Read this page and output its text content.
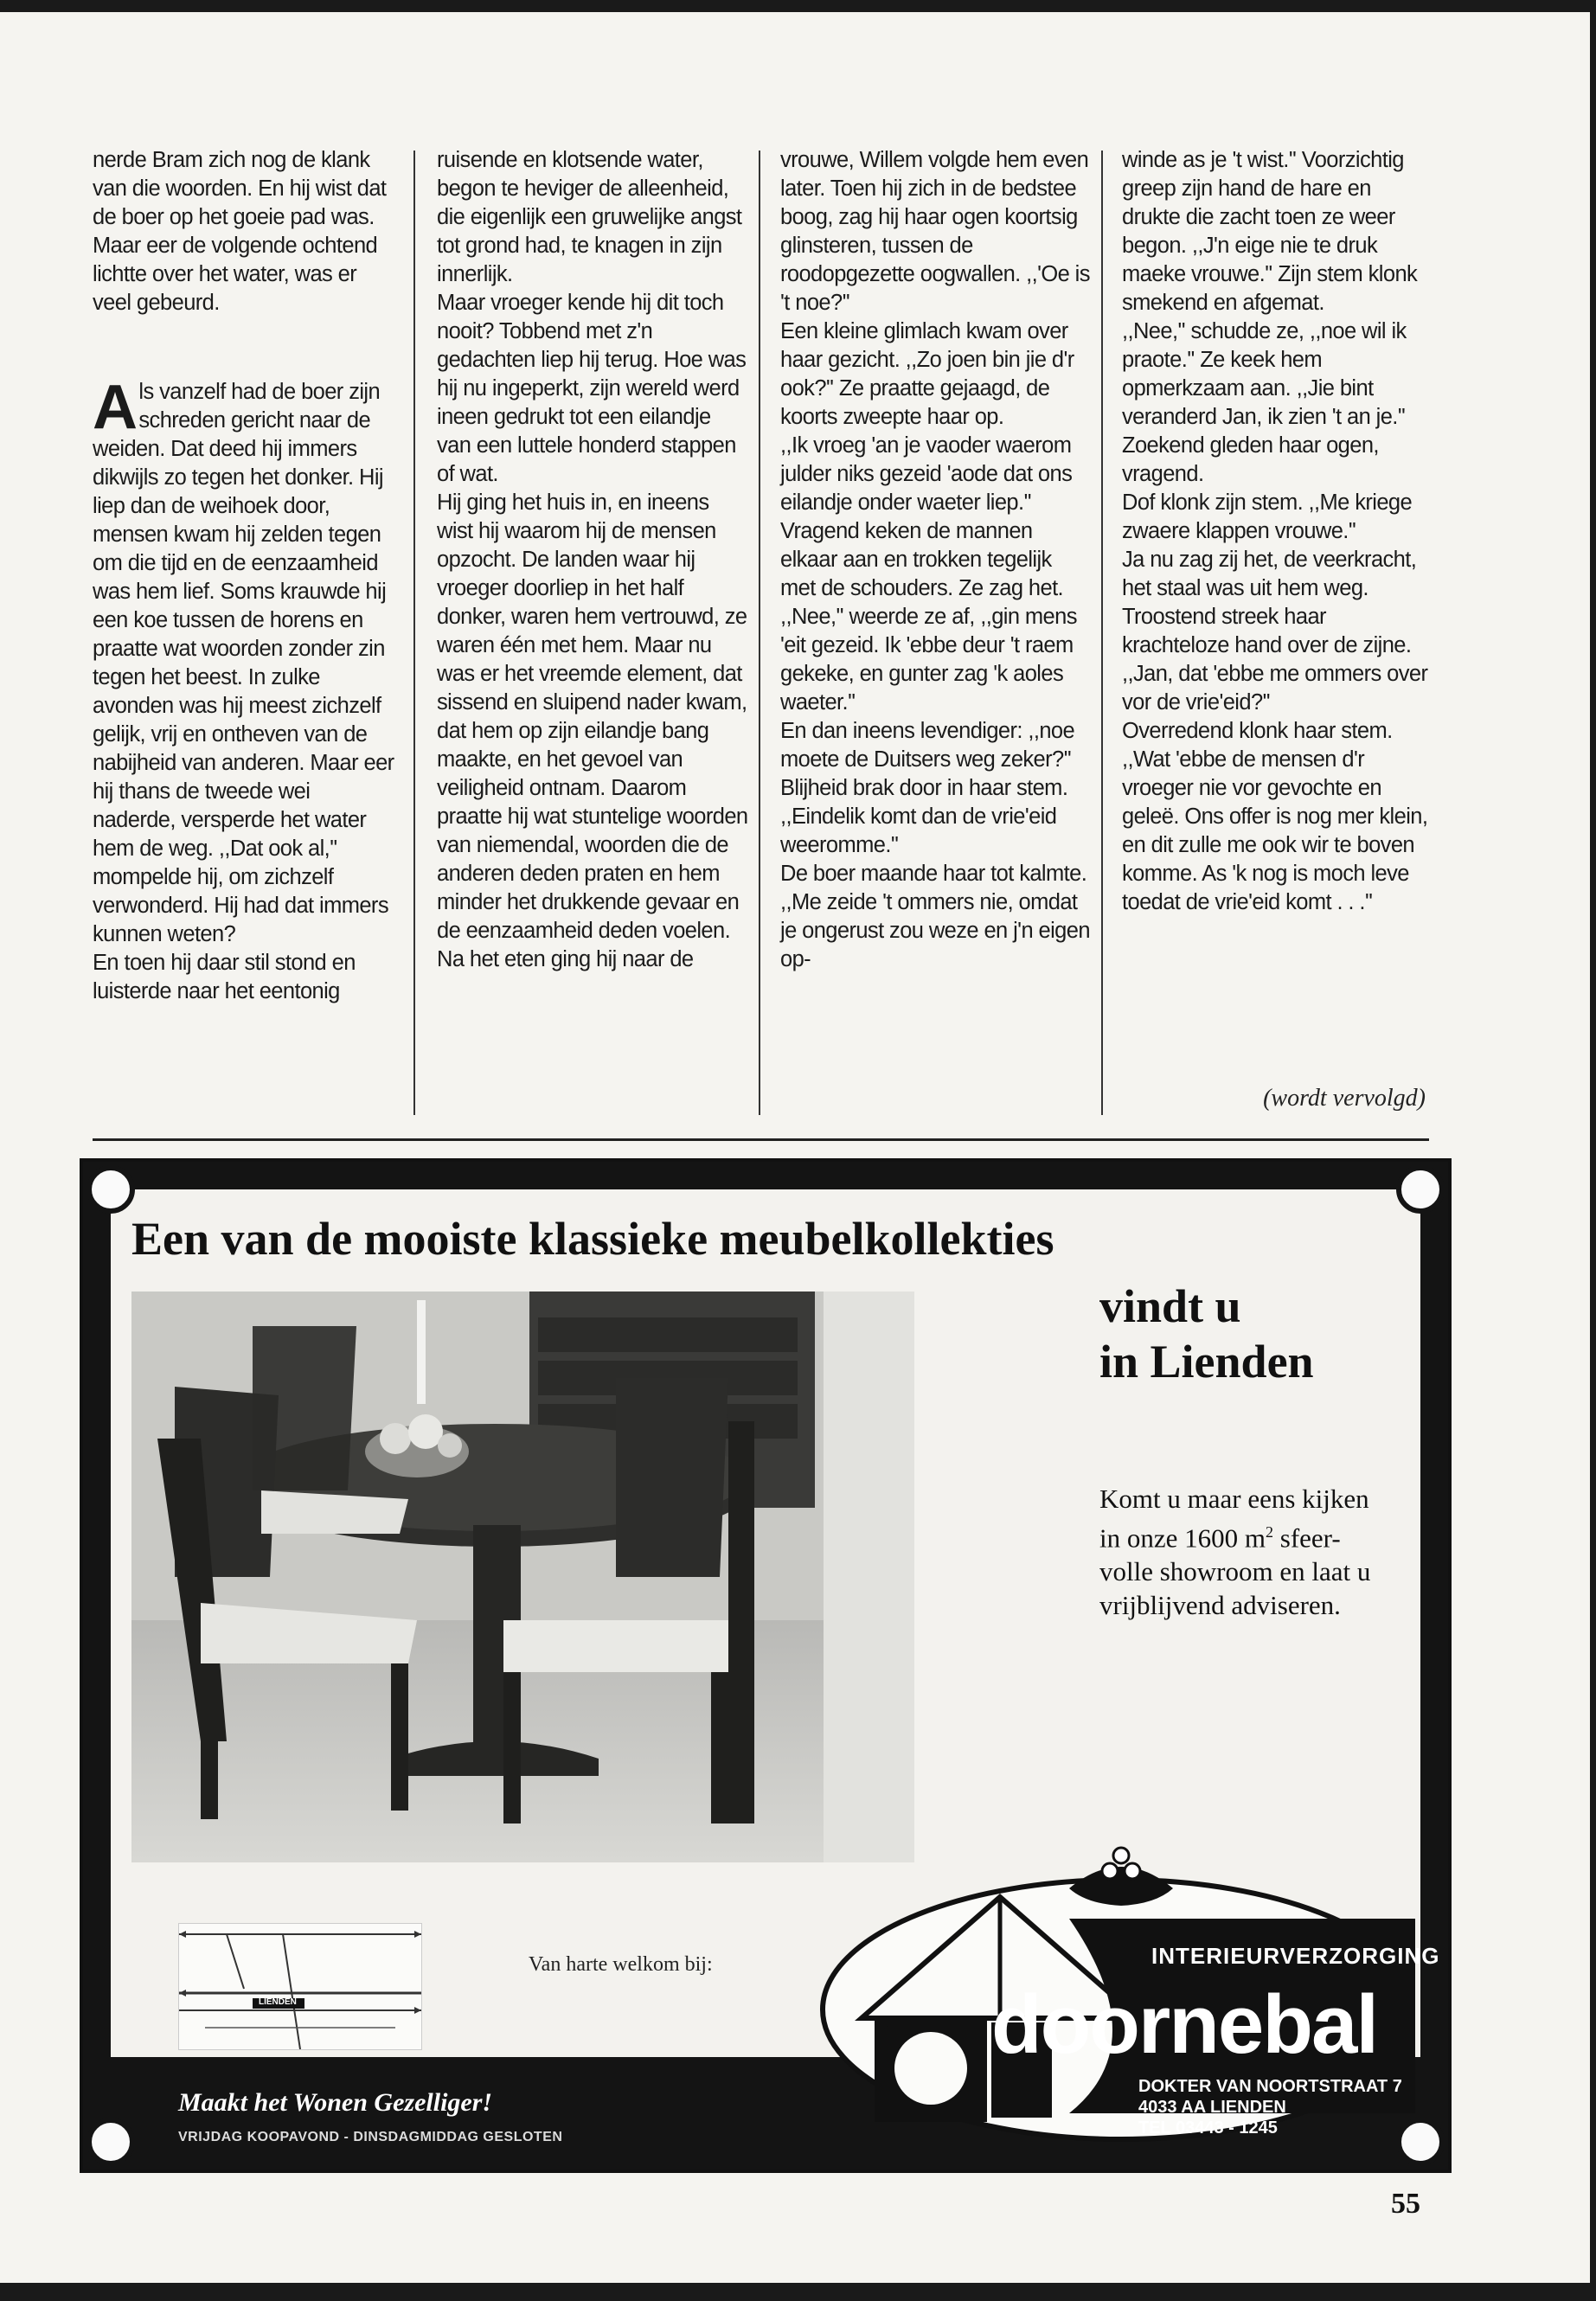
nerde Bram zich nog de klank van die woorden. En hij wist dat de boer op het goeie pad was.

Maar eer de volgende ochtend lichtte over het water, was er veel gebeurd.

Als vanzelf had de boer zijn schreden gericht naar de weiden. Dat deed hij immers dikwijls zo tegen het donker. Hij liep dan de weihoek door, mensen kwam hij zelden tegen om die tijd en de eenzaamheid was hem lief. Soms krauwde hij een koe tussen de horens en praatte wat woorden zonder zin tegen het beest. In zulke avonden was hij meest zichzelf gelijk, vrij en ontheven van de nabijheid van anderen. Maar eer hij thans de tweede wei naderde, versperde het water hem de weg. ,,Dat ook al,'' mompelde hij, om zichzelf verwonderd. Hij had dat immers kunnen weten?

En toen hij daar stil stond en luisterde naar het eentonig

ruisende en klotsende water, begon te heviger de alleenheid, die eigenlijk een gruwelijke angst tot grond had, te knagen in zijn innerlijk.

Maar vroeger kende hij dit toch nooit? Tobbend met z'n gedachten liep hij terug. Hoe was hij nu ingeperkt, zijn wereld werd ineen gedrukt tot een eilandje van een luttele honderd stappen of wat.

Hij ging het huis in, en ineens wist hij waarom hij de mensen opzocht. De landen waar hij vroeger doorliep in het half donker, waren hem vertrouwd, ze waren één met hem. Maar nu was er het vreemde element, dat sissend en sluipend nader kwam, dat hem op zijn eilandje bang maakte, en het gevoel van veiligheid ontnam. Daarom praatte hij wat stuntelige woorden van niemendal, woorden die de anderen deden praten en hem minder het drukkende gevaar en de eenzaamheid deden voelen.

Na het eten ging hij naar de

vrouwe, Willem volgde hem even later. Toen hij zich in de bedstee boog, zag hij haar ogen koortsig glinsteren, tussen de roodopgezette oogwallen. ,,'Oe is 't noe?''

Een kleine glimlach kwam over haar gezicht. ,,Zo joen bin jie d'r ook?'' Ze praatte gejaagd, de koorts zweepte haar op.

,,Ik vroeg 'an je vaoder waerom julder niks gezeid 'aode dat ons eilandje onder waeter liep.''

Vragend keken de mannen elkaar aan en trokken tegelijk met de schouders. Ze zag het. ,,Nee,'' weerde ze af, ,,gin mens 'eit gezeid. Ik 'ebbe deur 't raem gekeke, en gunter zag 'k aoles waeter.''

En dan ineens levendiger: ,,noe moete de Duitsers weg zeker?'' Blijheid brak door in haar stem. ,,Eindelik komt dan de vrie'eid weeromme.''

De boer maande haar tot kalmte. ,,Me zeide 't ommers nie, omdat je ongerust zou weze en j'n eigen op-

winde as je 't wist.'' Voorzichtig greep zijn hand de hare en drukte die zacht toen ze weer begon. ,,J'n eige nie te druk maeke vrouwe.'' Zijn stem klonk smekend en afgemat.

,,Nee,'' schudde ze, ,,noe wil ik praote.'' Ze keek hem opmerkzaam aan. ,,Jie bint veranderd Jan, ik zien 't an je.'' Zoekend gleden haar ogen, vragend.

Dof klonk zijn stem. ,,Me kriege zwaere klappen vrouwe.''

Ja nu zag zij het, de veerkracht, het staal was uit hem weg. Troostend streek haar krachteloze hand over de zijne. ,,Jan, dat 'ebbe me ommers over vor de vrie'eid?''

Overredend klonk haar stem. ,,Wat 'ebbe de mensen d'r vroeger nie vor gevochte en geleë. Ons offer is nog mer klein, en dit zulle me ook wir te boven komme. As 'k nog is moch leve toedat de vrie'eid komt . . .''

(wordt vervolgd)
Een van de mooiste klassieke meubelkollekties
vindt u
in Lienden
Komt u maar eens kijken in onze 1600 $m^2$ sfeer-volle showroom en laat u vrijblijvend adviseren.
LIENDEN
Van harte welkom bij:	INTERIEURVERZORGING
doornebal
O
DOKTER VAN NOORTSTRAAT 7
4033 AA LIENDEN
TEL 03443 - 1245
Maakt het Wonen Gezelliger!
VRIJDAG KOOPAVOND - DINSDAGMIDDAG GESLOTEN
55
